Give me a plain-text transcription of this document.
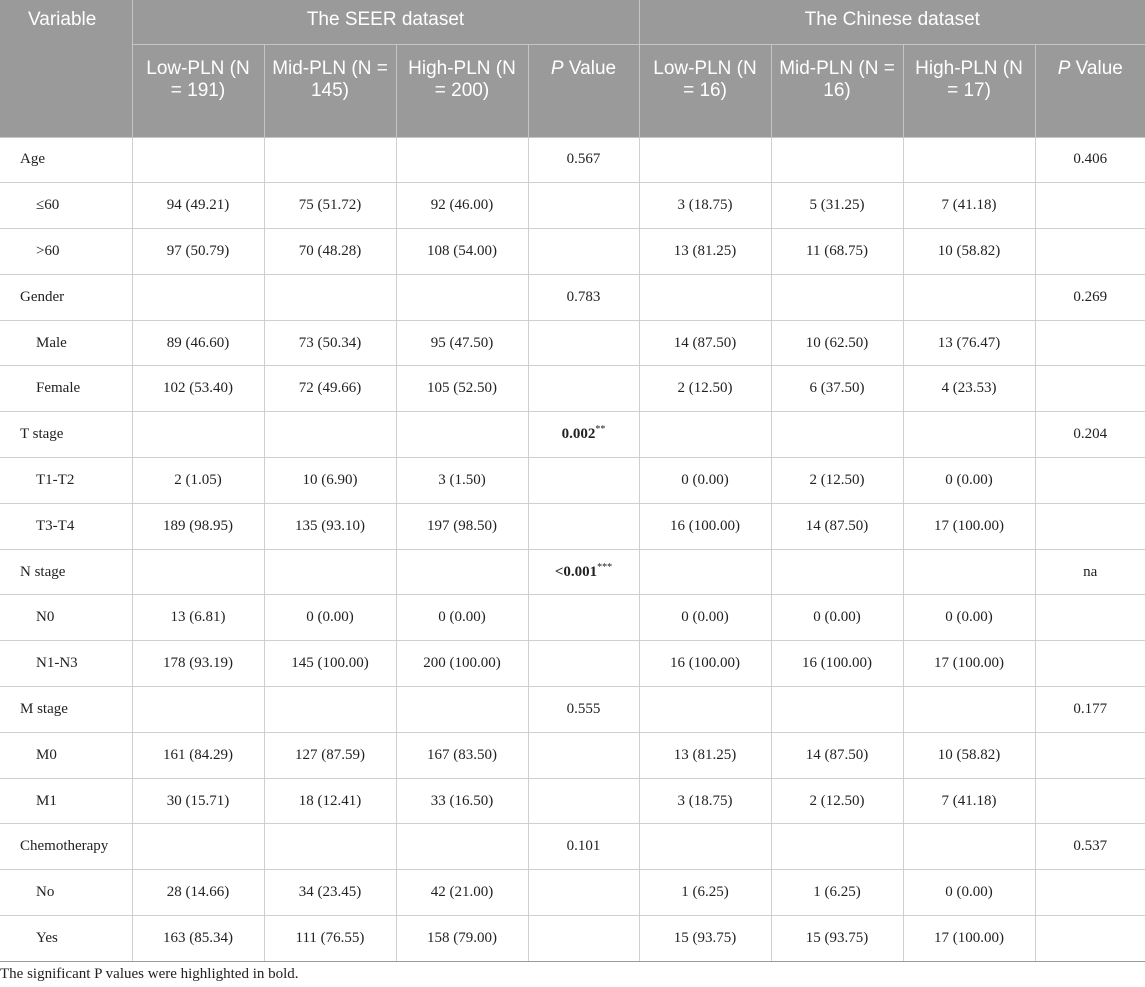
Variable	The SEER dataset				The Chinese dataset			
	Low-PLN (N = 191)	Mid-PLN (N = 145)	High-PLN (N = 200)	P Value	Low-PLN (N = 16)	Mid-PLN (N = 16)	High-PLN (N = 17)	P Value
Age				0.567				0.406
≤60	94 (49.21)	75 (51.72)	92 (46.00)		3 (18.75)	5 (31.25)	7 (41.18)	
>60	97 (50.79)	70 (48.28)	108 (54.00)		13 (81.25)	11 (68.75)	10 (58.82)	
Gender				0.783				0.269
Male	89 (46.60)	73 (50.34)	95 (47.50)		14 (87.50)	10 (62.50)	13 (76.47)	
Female	102 (53.40)	72 (49.66)	105 (52.50)		2 (12.50)	6 (37.50)	4 (23.53)	
T stage				0.002**				0.204
T1-T2	2 (1.05)	10 (6.90)	3 (1.50)		0 (0.00)	2 (12.50)	0 (0.00)	
T3-T4	189 (98.95)	135 (93.10)	197 (98.50)		16 (100.00)	14 (87.50)	17 (100.00)	
N stage				<0.001***				na
N0	13 (6.81)	0 (0.00)	0 (0.00)		0 (0.00)	0 (0.00)	0 (0.00)	
N1-N3	178 (93.19)	145 (100.00)	200 (100.00)		16 (100.00)	16 (100.00)	17 (100.00)	
M stage				0.555				0.177
M0	161 (84.29)	127 (87.59)	167 (83.50)		13 (81.25)	14 (87.50)	10 (58.82)	
M1	30 (15.71)	18 (12.41)	33 (16.50)		3 (18.75)	2 (12.50)	7 (41.18)	
Chemotherapy				0.101				0.537
No	28 (14.66)	34 (23.45)	42 (21.00)		1 (6.25)	1 (6.25)	0 (0.00)	
Yes	163 (85.34)	111 (76.55)	158 (79.00)		15 (93.75)	15 (93.75)	17 (100.00)	

The significant P values were highlighted in bold.
